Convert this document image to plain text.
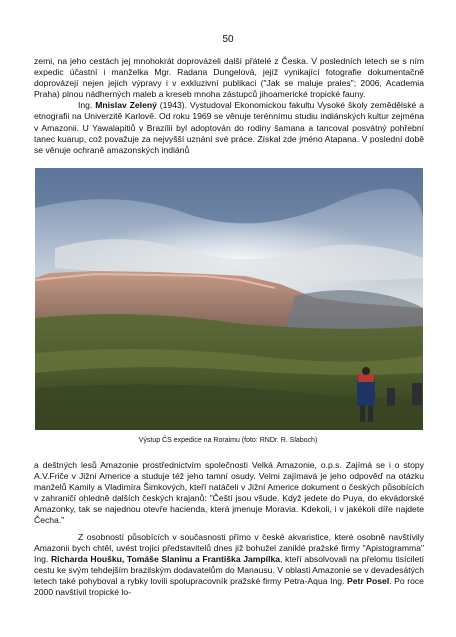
50

zemi, na jeho cestách jej mnohokrát doprovázeli další přátelé z Česka. V posledních letech se s ním expedic účastní i manželka Mgr. Radana Dungelová, jejíž vynikající fotografie dokumentačně doprovázejí nejen jejich výpravy i v exkluzivní publikaci ("Jak se maluje prales"; 2006, Academia Praha) plnou nádherných maleb a kreseb mnoha zástupců jihoamerické tropické fauny.

Ing. Mnislav Zelený (1943). Vystudoval Ekonomickou fakultu Vysoké školy zemědělské a etnografii na Univerzitě Karlově. Od roku 1969 se věnuje terénnímu studiu indiánských kultur zejména v Amazonii. U Yawalapitiů v Brazílii byl adoptován do rodiny šamana a tancoval posvátný pohřební tanec kuarup, což považuje za nejvyšší uznání své práce. Získal zde jméno Atapana. V poslední době se věnuje ochraně amazonských indiánů

Výstup ČS expedice na Roraimu (foto: RNDr. R. Slaboch)

a deštných lesů Amazonie prostřednictvím společnosti Velká Amazonie, o.p.s. Zajímá se i o stopy A.V.Friče v Jižní Americe a studuje též jeho tamní osudy. Velmi zajímavá je jeho odpověď na otázku manželů Kamily a Vladimíra Šimkových, kteří natáčeli v Jižní Americe dokument o českých působících v zahraničí ohledně dalších českých krajanů: "Čeští jsou všude. Když jedete do Puya, do ekvádorské Amazonky, tak se najednou otevře hacienda, která jmenuje Moravia. Kdekoli, i v jakékoli díře najdete Čecha."

Z osobností působících v současnosti přímo v české akvaristice, které osobně navštívily Amazonii bych chtěl, uvést trojici představitelů dnes již bohužel zaniklé pražské firmy "Apistogramma" Ing. Richarda Houšku, Tomáše Slaninu a Františka Jampílka, kteří absolvovali na přelomu tisíciletí cestu ke svým tehdejším brazilským dodavatelům do Manausu. V oblasti Amazonie se v devadesátých letech také pohyboval a rybky lovili spolupracovník pražské firmy Petra-Aqua Ing. Petr Posel. Po roce 2000 navštívil tropické lo-
